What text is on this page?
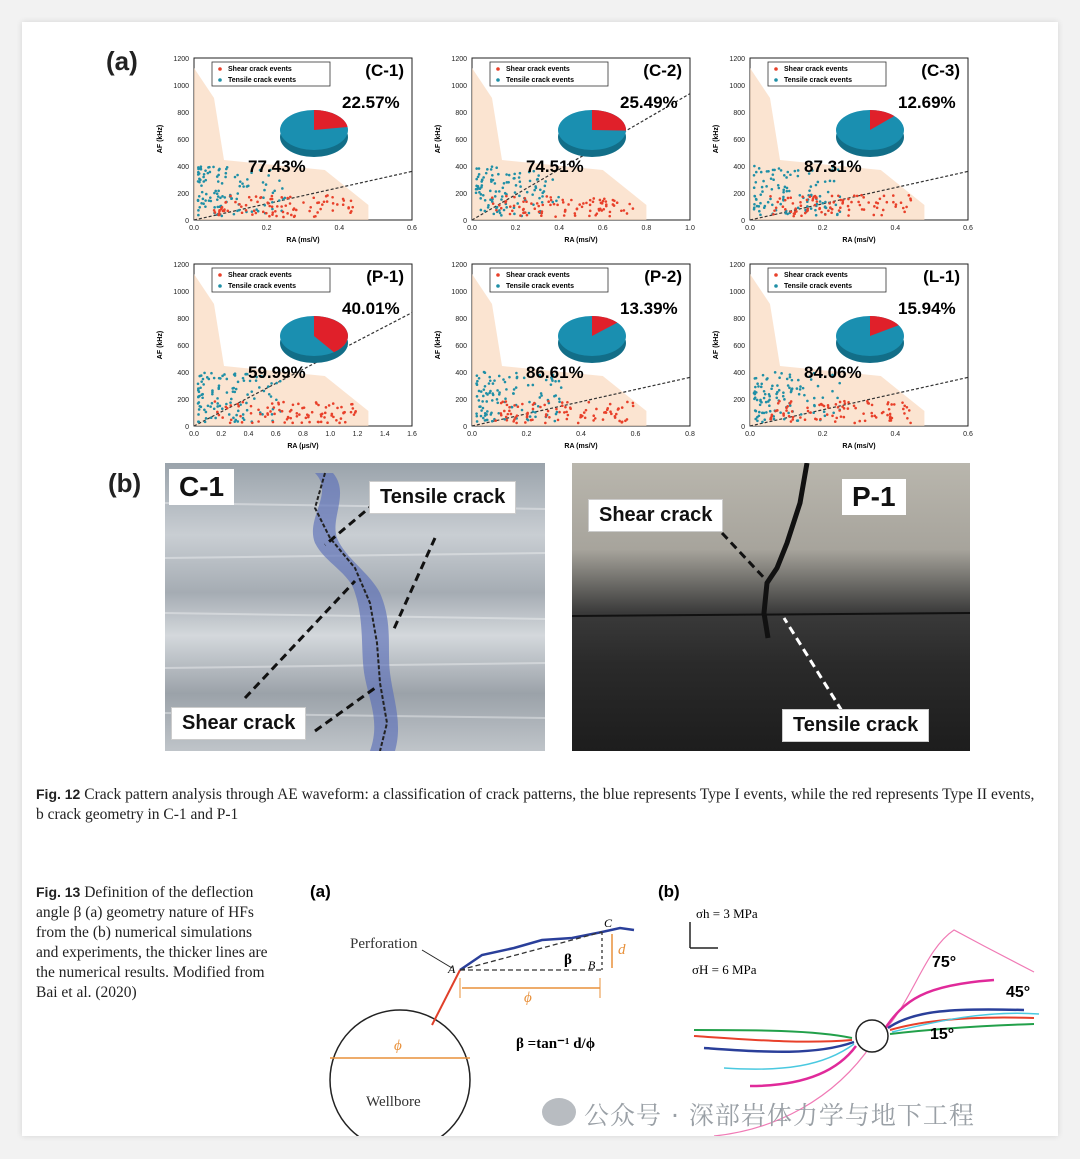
(a)
(b)
0
200
400
600
800
1000
1200
0.0	0.2	0.4	0.6
RA (ms/V)
AF (kHz)
Shear crack events
Tensile crack events
(C-1)
22.57%
77.43%
0
200
400
600
800
1000
1200
0.0	0.2	0.4	0.6	0.8	1.0
RA (ms/V)
AF (kHz)
Shear crack events
Tensile crack events
(C-2)
25.49%
74.51%
0
200
400
600
800
1000
1200
0.0	0.2	0.4	0.6
RA (ms/V)
AF (kHz)
Shear crack events
Tensile crack events
(C-3)
12.69%
87.31%
0
200
400
600
800
1000
1200
0.0	0.2	0.4	0.6	0.8	1.0	1.2	1.4	1.6
RA (μs/V)
AF (kHz)
Shear crack events
Tensile crack events
(P-1)
40.01%
59.99%
0
200
400
600
800
1000
1200
0.0	0.2	0.4	0.6	0.8
RA (ms/V)
AF (kHz)
Shear crack events
Tensile crack events
(P-2)
13.39%
86.61%
0
200
400
600
800
1000
1200
0.0	0.2	0.4	0.6
RA (ms/V)
AF (kHz)
Shear crack events
Tensile crack events
(L-1)
15.94%
84.06%
C-1	Tensile crack
Shear crack
P-1
Shear crack
Tensile crack
Fig. 12 Crack pattern analysis through AE waveform: a classification of crack patterns, the blue represents Type I events, while the red represents Type II events, b crack geometry in C-1 and P-1
Fig. 13 Definition of the deflection angle β (a) geometry nature of HFs from the (b) numerical simulations and experiments, the thicker lines are the numerical results. Modified from Bai et al. (2020)
(a)
Perforation
Wellbore
ϕ
ϕ
d
β
A	B
C
β =tan⁻¹ d/ϕ
(b)
σh = 3 MPa
σH = 6 MPa	75°
45°
15°
公众号 · 深部岩体力学与地下工程
